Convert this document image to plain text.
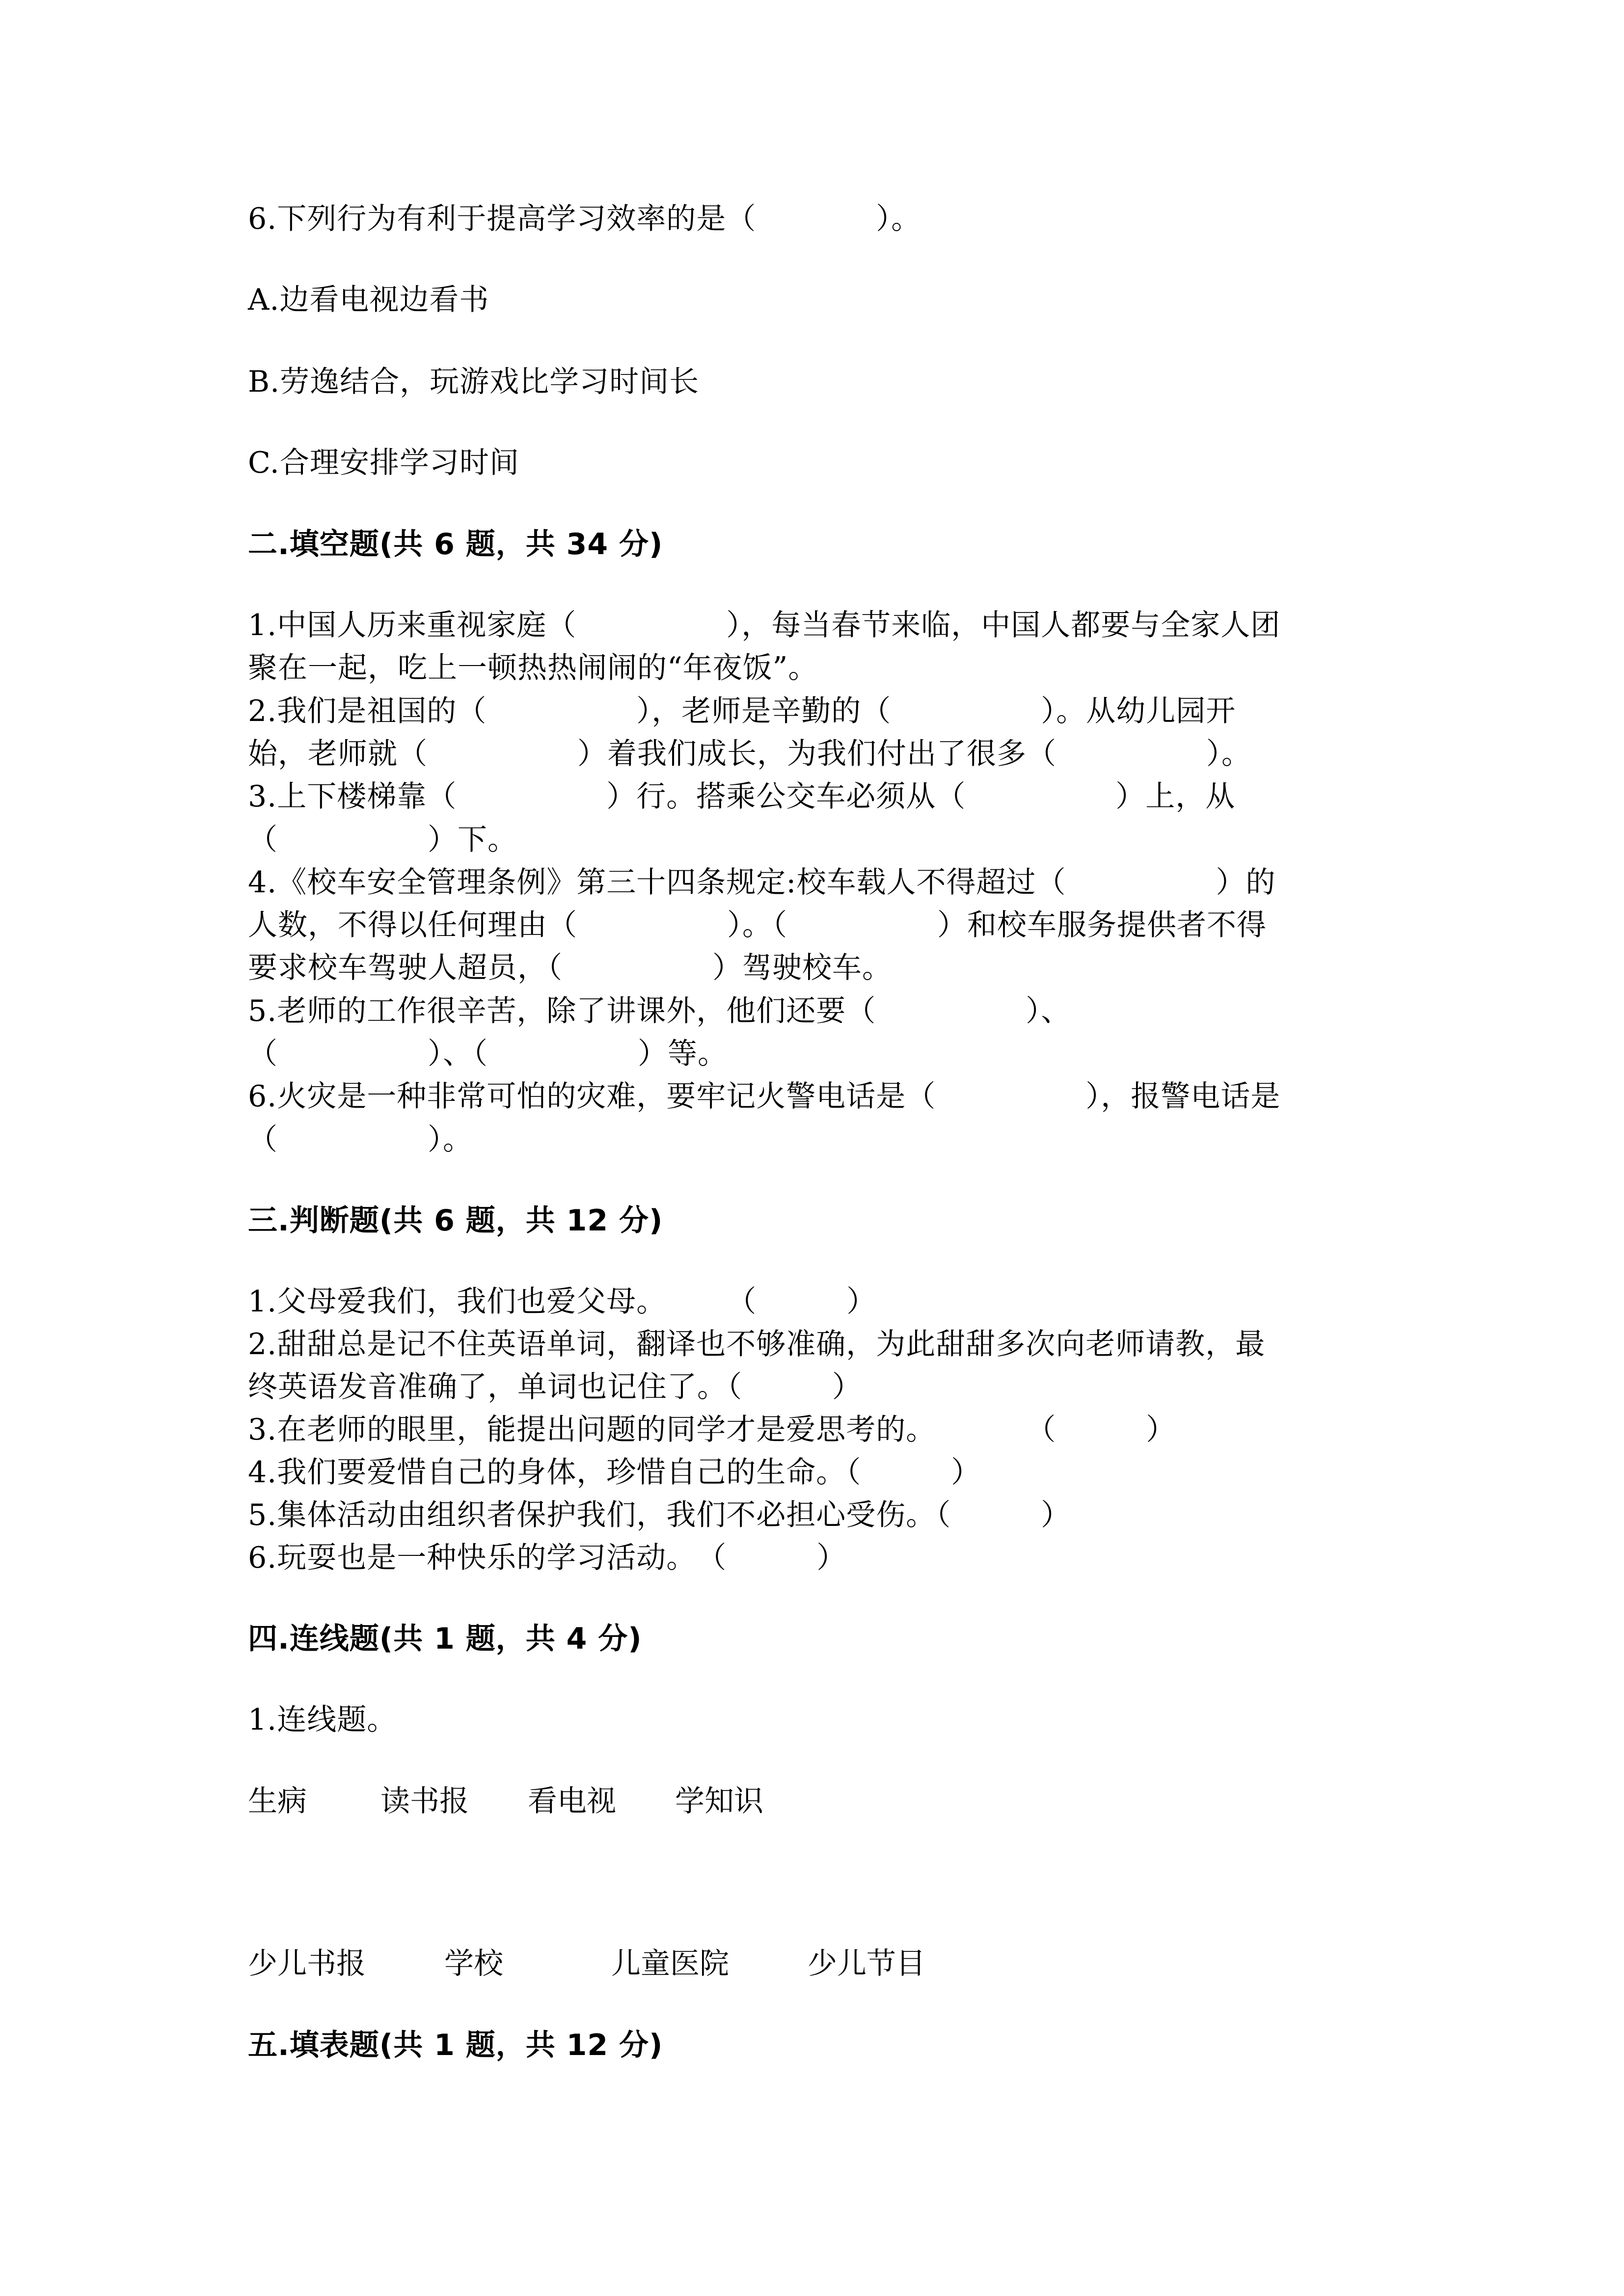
6.下列行为有利于提高学习效率的是（　　　　）。
A.边看电视边看书
B.劳逸结合，玩游戏比学习时间长
C.合理安排学习时间
二.填空题(共 6 题，共 34 分)
1.中国人历来重视家庭（　　　　　），每当春节来临，中国人都要与全家人团
聚在一起，吃上一顿热热闹闹的“年夜饭”。
2.我们是祖国的（　　　　　），老师是辛勤的（　　　　　）。从幼儿园开
始，老师就（　　　　　）着我们成长，为我们付出了很多（　　　　　）。
3.上下楼梯靠（　　　　　）行。搭乘公交车必须从（　　　　　）上，从
（　　　　　）下。
4.《校车安全管理条例》第三十四条规定:校车载人不得超过（　　　　　）的
人数，不得以任何理由（　　　　　）。（　　　　　）和校车服务提供者不得
要求校车驾驶人超员，（　　　　　）驾驶校车。
5.老师的工作很辛苦，除了讲课外，他们还要（　　　　　）、
（　　　　　）、（　　　　　）等。
6.火灾是一种非常可怕的灾难，要牢记火警电话是（　　　　　），报警电话是
（　　　　　）。
三.判断题(共 6 题，共 12 分)
1.父母爱我们，我们也爱父母。　　　（　　　）
2.甜甜总是记不住英语单词，翻译也不够准确，为此甜甜多次向老师请教，最
终英语发音准确了，单词也记住了。（　　　）
3.在老师的眼里，能提出问题的同学才是爱思考的。　　　　（　　　）
4.我们要爱惜自己的身体，珍惜自己的生命。（　　　）
5.集体活动由组织者保护我们，我们不必担心受伤。（　　　）
6.玩耍也是一种快乐的学习活动。　（　　　）
四.连线题(共 1 题，共 4 分)
1.连线题。
生病	读书报 看电视 学知识
少儿书报	学校	儿童医院	少儿节目
五.填表题(共 1 题，共 12 分)
